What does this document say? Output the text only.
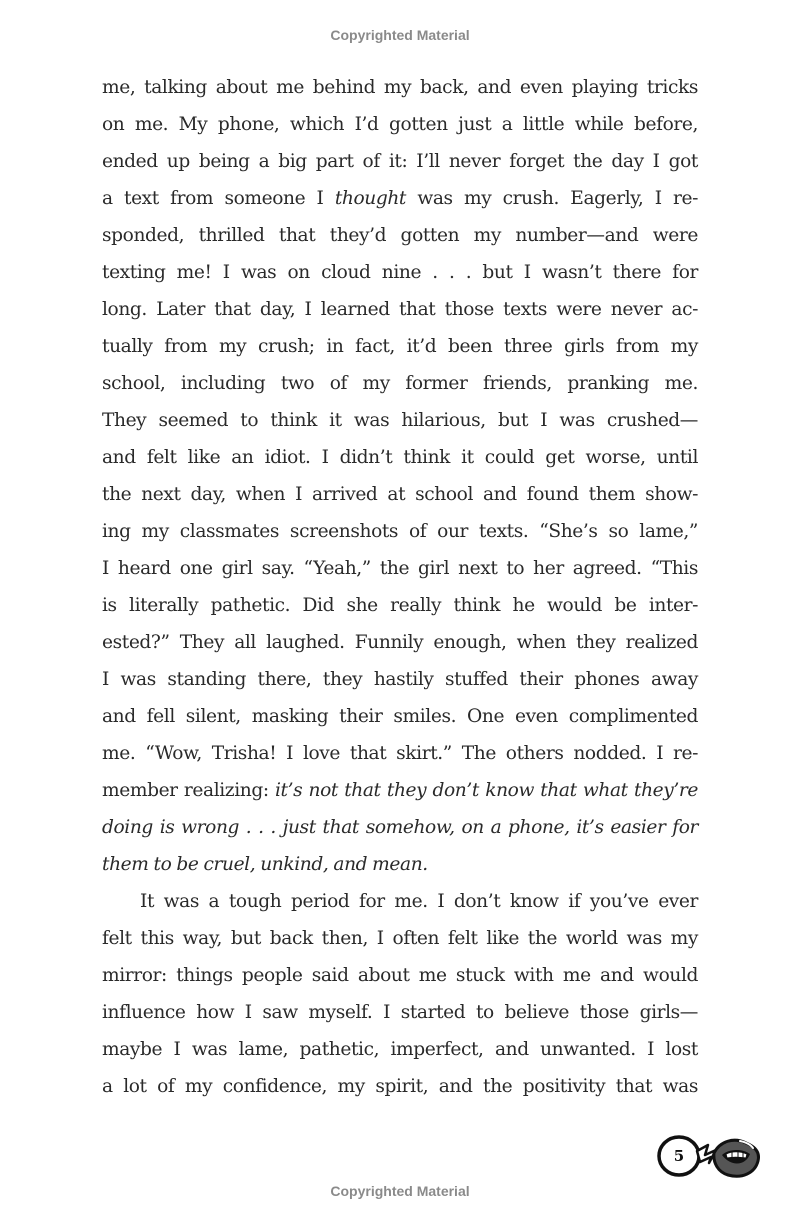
Copyrighted Material
me, talking about me behind my back, and even playing tricks
on me. My phone, which I’d gotten just a little while before,
ended up being a big part of it: I’ll never forget the day I got
a text from someone I thought was my crush. Eagerly, I re-
sponded, thrilled that they’d gotten my number—and were
texting me! I was on cloud nine . . . but I wasn’t there for
long. Later that day, I learned that those texts were never ac-
tually from my crush; in fact, it’d been three girls from my
school, including two of my former friends, pranking me.
They seemed to think it was hilarious, but I was crushed—
and felt like an idiot. I didn’t think it could get worse, until
the next day, when I arrived at school and found them show-
ing my classmates screenshots of our texts. “She’s so lame,”
I heard one girl say. “Yeah,” the girl next to her agreed. “This
is literally pathetic. Did she really think he would be inter-
ested?” They all laughed. Funnily enough, when they realized
I was standing there, they hastily stuffed their phones away
and fell silent, masking their smiles. One even complimented
me. “Wow, Trisha! I love that skirt.” The others nodded. I re-
member realizing: it’s not that they don’t know that what they’re
doing is wrong . . . just that somehow, on a phone, it’s easier for
them to be cruel, unkind, and mean.
It was a tough period for me. I don’t know if you’ve ever
felt this way, but back then, I often felt like the world was my
mirror: things people said about me stuck with me and would
influence how I saw myself. I started to believe those girls—
maybe I was lame, pathetic, imperfect, and unwanted. I lost
a lot of my confidence, my spirit, and the positivity that was
5
Copyrighted Material
